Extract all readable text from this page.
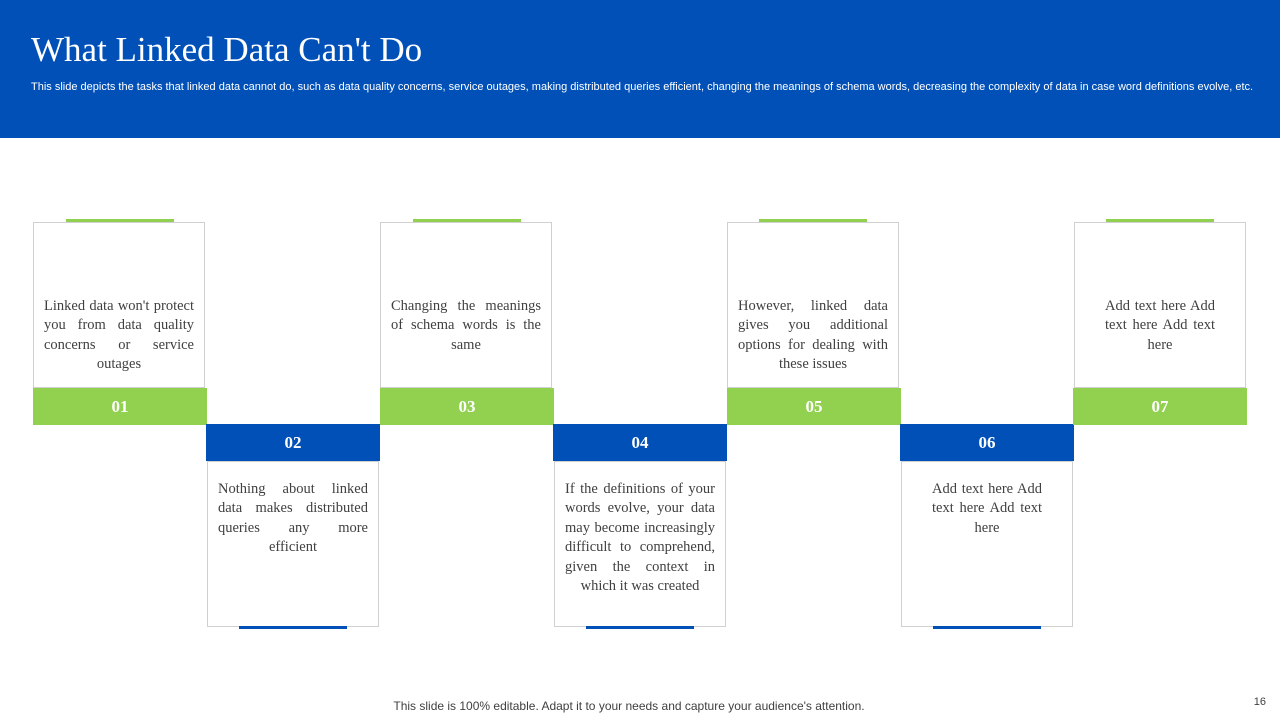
What Linked Data Can't Do

This slide depicts the tasks that linked data cannot do, such as data quality concerns, service outages, making distributed queries efficient, changing the meanings of schema words, decreasing the complexity of data in case word definitions evolve, etc.

Linked data won't protect you from data quality concerns or service outages
01
02
Nothing about linked data makes distributed queries any more efficient
Changing the meanings of schema words is the same
03
04
If the definitions of your words evolve, your data may become increasingly difficult to comprehend, given the context in which it was created
However, linked data gives you additional options for dealing with these issues
05
06
Add text here Add text here Add text here
Add text here Add text here Add text here
07
This slide is 100% editable. Adapt it to your needs and capture your audience's attention.	16
